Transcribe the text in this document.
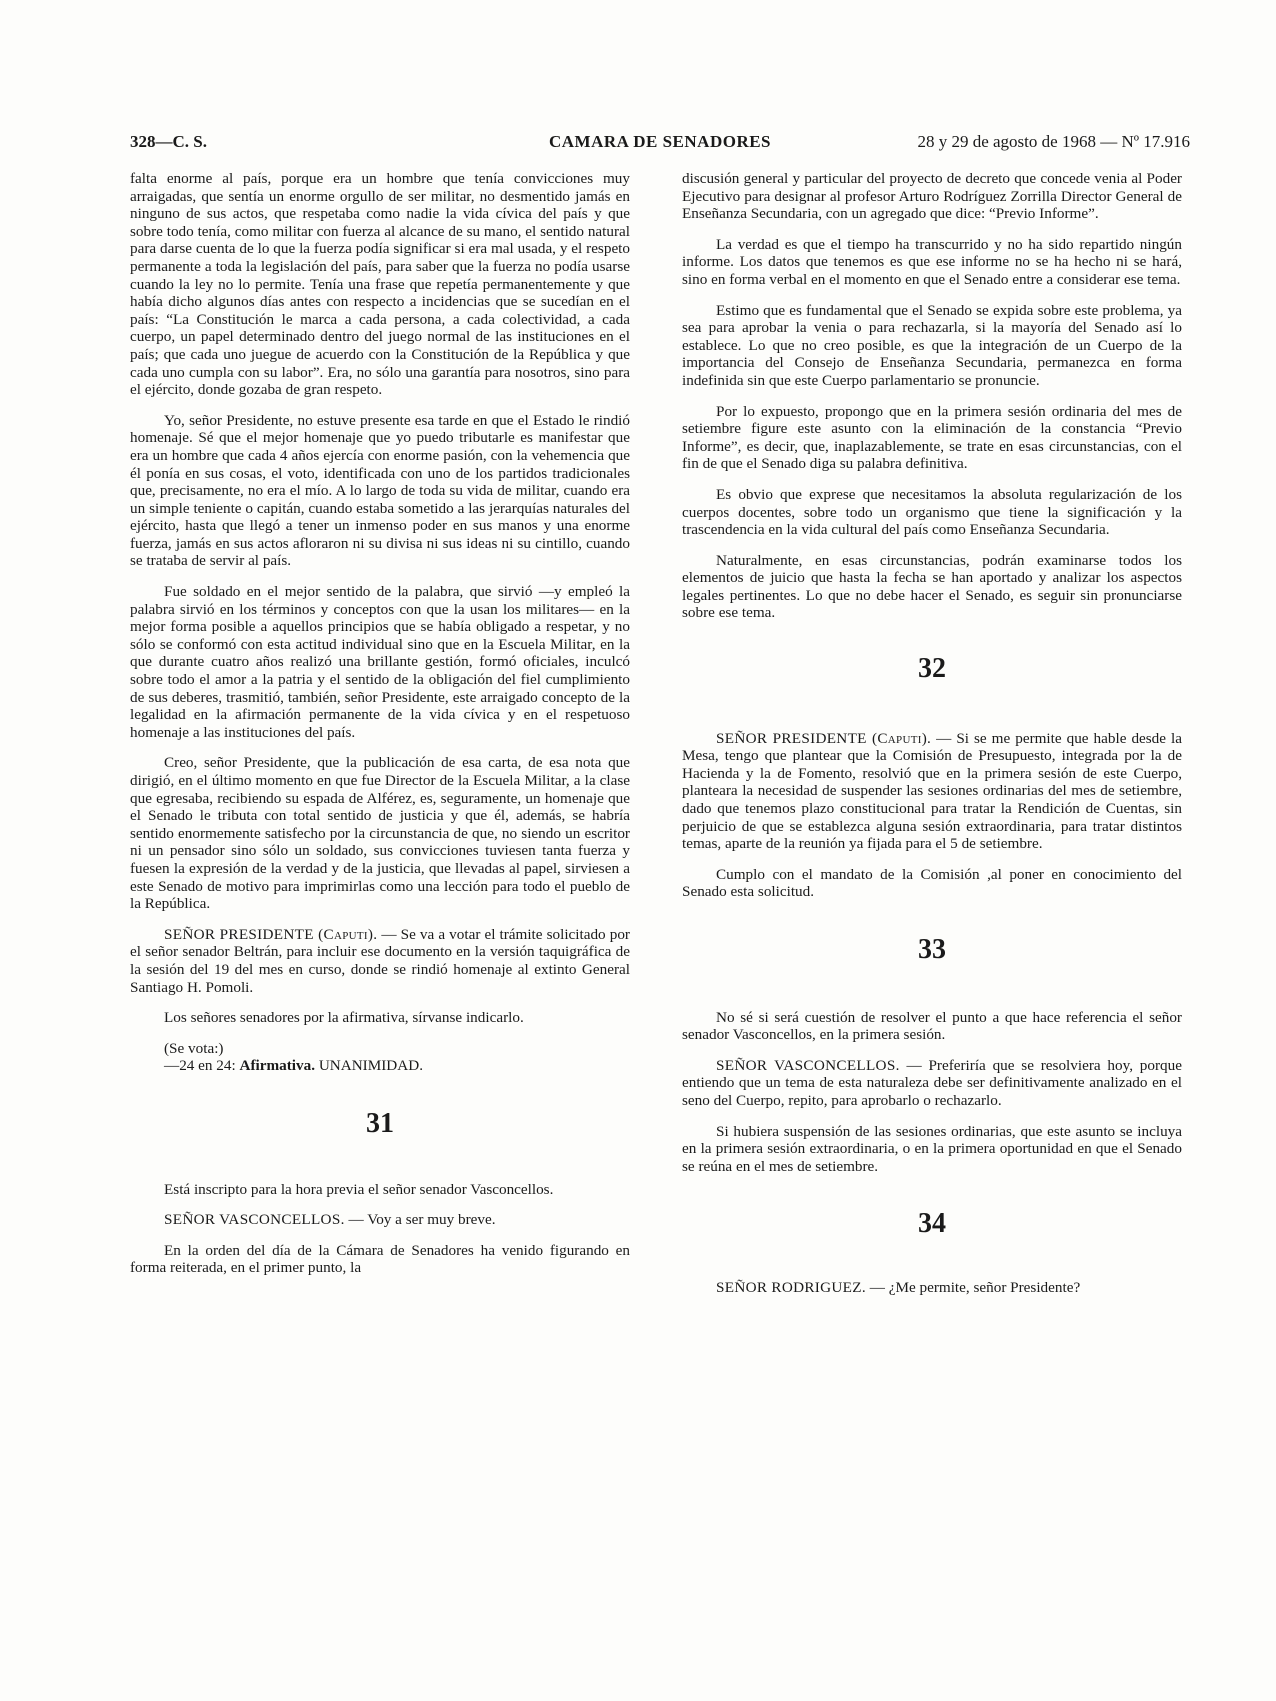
328—C. S.	CAMARA DE SENADORES	28 y 29 de agosto de 1968 — Nº 17.916

falta enorme al país, porque era un hombre que tenía convicciones muy arraigadas, que sentía un enorme orgullo de ser militar, no desmentido jamás en ninguno de sus actos, que respetaba como nadie la vida cívica del país y que sobre todo tenía, como militar con fuerza al alcance de su mano, el sentido natural para darse cuenta de lo que la fuerza podía significar si era mal usada, y el respeto permanente a toda la legislación del país, para saber que la fuerza no podía usarse cuando la ley no lo permite. Tenía una frase que repetía permanentemente y que había dicho algunos días antes con respecto a incidencias que se sucedían en el país: “La Constitución le marca a cada persona, a cada colectividad, a cada cuerpo, un papel determinado dentro del juego normal de las instituciones en el país; que cada uno juegue de acuerdo con la Constitución de la República y que cada uno cumpla con su labor”. Era, no sólo una garantía para nosotros, sino para el ejército, donde gozaba de gran respeto.

Yo, señor Presidente, no estuve presente esa tarde en que el Estado le rindió homenaje. Sé que el mejor homenaje que yo puedo tributarle es manifestar que era un hombre que cada 4 años ejercía con enorme pasión, con la vehemencia que él ponía en sus cosas, el voto, identificada con uno de los partidos tradicionales que, precisamente, no era el mío. A lo largo de toda su vida de militar, cuando era un simple teniente o capitán, cuando estaba sometido a las jerarquías naturales del ejército, hasta que llegó a tener un inmenso poder en sus manos y una enorme fuerza, jamás en sus actos afloraron ni su divisa ni sus ideas ni su cintillo, cuando se trataba de servir al país.

Fue soldado en el mejor sentido de la palabra, que sirvió —y empleó la palabra sirvió en los términos y conceptos con que la usan los militares— en la mejor forma posible a aquellos principios que se había obligado a respetar, y no sólo se conformó con esta actitud individual sino que en la Escuela Militar, en la que durante cuatro años realizó una brillante gestión, formó oficiales, inculcó sobre todo el amor a la patria y el sentido de la obligación del fiel cumplimiento de sus deberes, trasmitió, también, señor Presidente, este arraigado concepto de la legalidad en la afirmación permanente de la vida cívica y en el respetuoso homenaje a las instituciones del país.

Creo, señor Presidente, que la publicación de esa carta, de esa nota que dirigió, en el último momento en que fue Director de la Escuela Militar, a la clase que egresaba, recibiendo su espada de Alférez, es, seguramente, un homenaje que el Senado le tributa con total sentido de justicia y que él, además, se habría sentido enormemente satisfecho por la circunstancia de que, no siendo un escritor ni un pensador sino sólo un soldado, sus convicciones tuviesen tanta fuerza y fuesen la expresión de la verdad y de la justicia, que llevadas al papel, sirviesen a este Senado de motivo para imprimirlas como una lección para todo el pueblo de la República.

SEÑOR PRESIDENTE (Caputi). — Se va a votar el trámite solicitado por el señor senador Beltrán, para incluir ese documento en la versión taquigráfica de la sesión del 19 del mes en curso, donde se rindió homenaje al extinto General Santiago H. Pomoli.

Los señores senadores por la afirmativa, sírvanse indicarlo.

(Se vota:)

—24 en 24: Afirmativa. UNANIMIDAD.

31

Está inscripto para la hora previa el señor senador Vasconcellos.

SEÑOR VASCONCELLOS. — Voy a ser muy breve.

En la orden del día de la Cámara de Senadores ha venido figurando en forma reiterada, en el primer punto, la

discusión general y particular del proyecto de decreto que concede venia al Poder Ejecutivo para designar al profesor Arturo Rodríguez Zorrilla Director General de Enseñanza Secundaria, con un agregado que dice: “Previo Informe”.

La verdad es que el tiempo ha transcurrido y no ha sido repartido ningún informe. Los datos que tenemos es que ese informe no se ha hecho ni se hará, sino en forma verbal en el momento en que el Senado entre a considerar ese tema.

Estimo que es fundamental que el Senado se expida sobre este problema, ya sea para aprobar la venia o para rechazarla, si la mayoría del Senado así lo establece. Lo que no creo posible, es que la integración de un Cuerpo de la importancia del Consejo de Enseñanza Secundaria, permanezca en forma indefinida sin que este Cuerpo parlamentario se pronuncie.

Por lo expuesto, propongo que en la primera sesión ordinaria del mes de setiembre figure este asunto con la eliminación de la constancia “Previo Informe”, es decir, que, inaplazablemente, se trate en esas circunstancias, con el fin de que el Senado diga su palabra definitiva.

Es obvio que exprese que necesitamos la absoluta regularización de los cuerpos docentes, sobre todo un organismo que tiene la significación y la trascendencia en la vida cultural del país como Enseñanza Secundaria.

Naturalmente, en esas circunstancias, podrán examinarse todos los elementos de juicio que hasta la fecha se han aportado y analizar los aspectos legales pertinentes. Lo que no debe hacer el Senado, es seguir sin pronunciarse sobre ese tema.

32

SEÑOR PRESIDENTE (Caputi). — Si se me permite que hable desde la Mesa, tengo que plantear que la Comisión de Presupuesto, integrada por la de Hacienda y la de Fomento, resolvió que en la primera sesión de este Cuerpo, planteara la necesidad de suspender las sesiones ordinarias del mes de setiembre, dado que tenemos plazo constitucional para tratar la Rendición de Cuentas, sin perjuicio de que se establezca alguna sesión extraordinaria, para tratar distintos temas, aparte de la reunión ya fijada para el 5 de setiembre.

Cumplo con el mandato de la Comisión ,al poner en conocimiento del Senado esta solicitud.

33

No sé si será cuestión de resolver el punto a que hace referencia el señor senador Vasconcellos, en la primera sesión.

SEÑOR VASCONCELLOS. — Preferiría que se resolviera hoy, porque entiendo que un tema de esta naturaleza debe ser definitivamente analizado en el seno del Cuerpo, repito, para aprobarlo o rechazarlo.

Si hubiera suspensión de las sesiones ordinarias, que este asunto se incluya en la primera sesión extraordinaria, o en la primera oportunidad en que el Senado se reúna en el mes de setiembre.

34

SEÑOR RODRIGUEZ. — ¿Me permite, señor Presidente?
